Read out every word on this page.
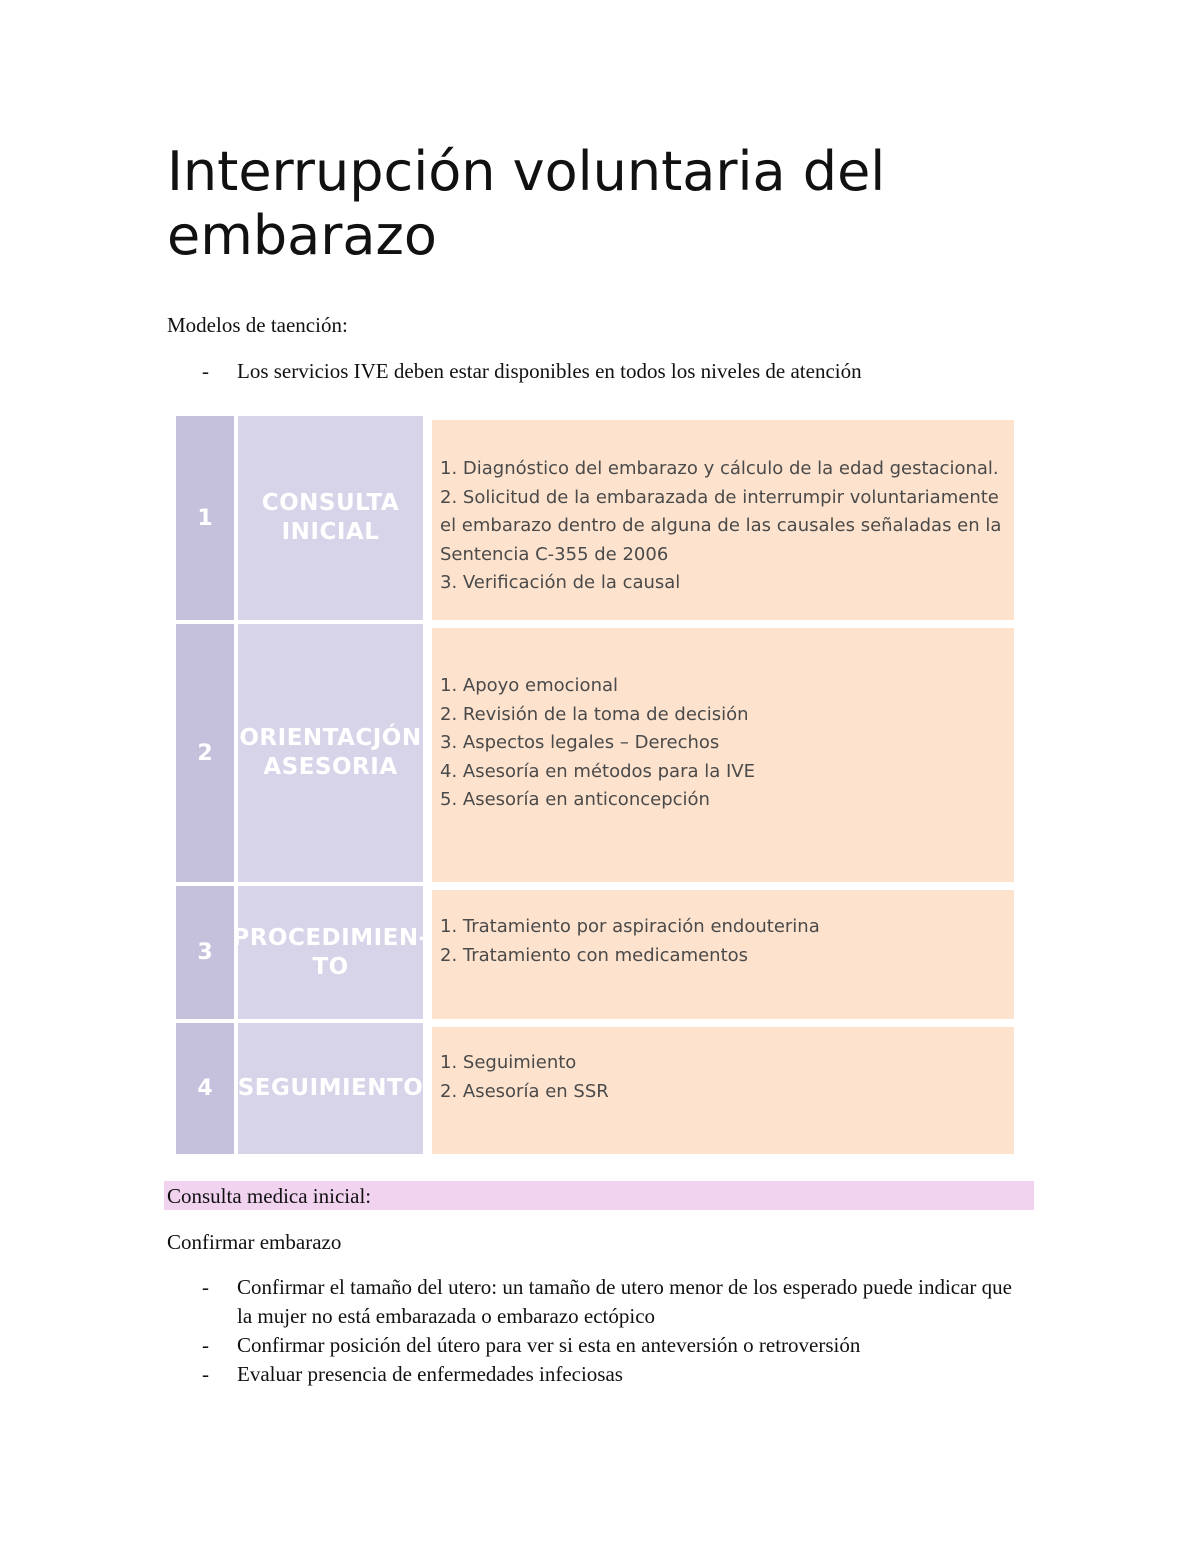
Interrupción voluntaria del
embarazo

Modelos de taención:

- Los servicios IVE deben estar disponibles en todos los niveles de atención
1
CONSULTA
INICIAL
1. Diagnóstico del embarazo y cálculo de la edad gestacional.
2. Solicitud de la embarazada de interrumpir voluntariamente el embarazo dentro de alguna de las causales señaladas en la Sentencia C-355 de 2006
3. Verificación de la causal
2
ORIENTACJÓN
ASESORIA
1. Apoyo emocional
2. Revisión de la toma de decisión
3. Aspectos legales – Derechos
4. Asesoría en métodos para la IVE
5. Asesoría en anticoncepción
3
PROCEDIMIEN-
TO
1. Tratamiento por aspiración endouterina
2. Tratamiento con medicamentos
4	SEGUIMIENTO
1. Seguimiento
2. Asesoría en SSR

Consulta medica inicial:

Confirmar embarazo

- Confirmar el tamaño del utero: un tamaño de utero menor de los esperado puede indicar que la mujer no está embarazada o embarazo ectópico
- Confirmar posición del útero para ver si esta en anteversión o retroversión
- Evaluar presencia de enfermedades infeciosas
